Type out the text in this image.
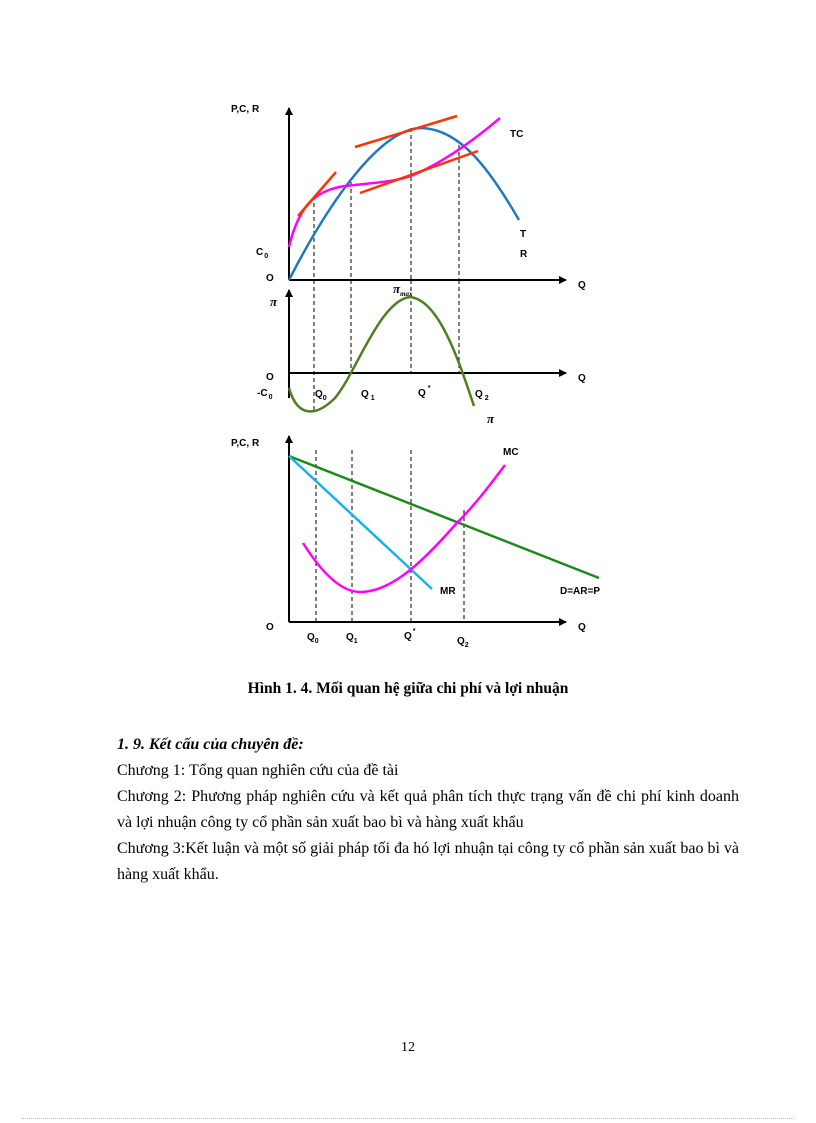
P,C, R
Q
O
$C_0$
TC
T
R
π
$\pi_{max}$
Q
O
$-C_0$	$Q_0$	Q $_1$	Q *
Q $_2$
π
P,C, R
Q
O
MC
MR	D=AR=P
$Q_0$	$Q_1$	Q*
$Q_2$
Hình 1. 4. Mối quan hệ giữa chi phí và lợi nhuận

1. 9. Kết cấu của chuyên đề:

Chương 1: Tổng quan nghiên cứu của đề tài

Chương 2: Phương pháp nghiên cứu và kết quả phân tích thực trạng vấn đề chi phí kinh doanh và lợi nhuận công ty cổ phần sản xuất bao bì và hàng xuất khẩu

Chương 3:Kết luận và một số giải pháp tối đa hó lợi nhuận tại công ty cổ phần sản xuất bao bì và hàng xuất khẩu.

12
